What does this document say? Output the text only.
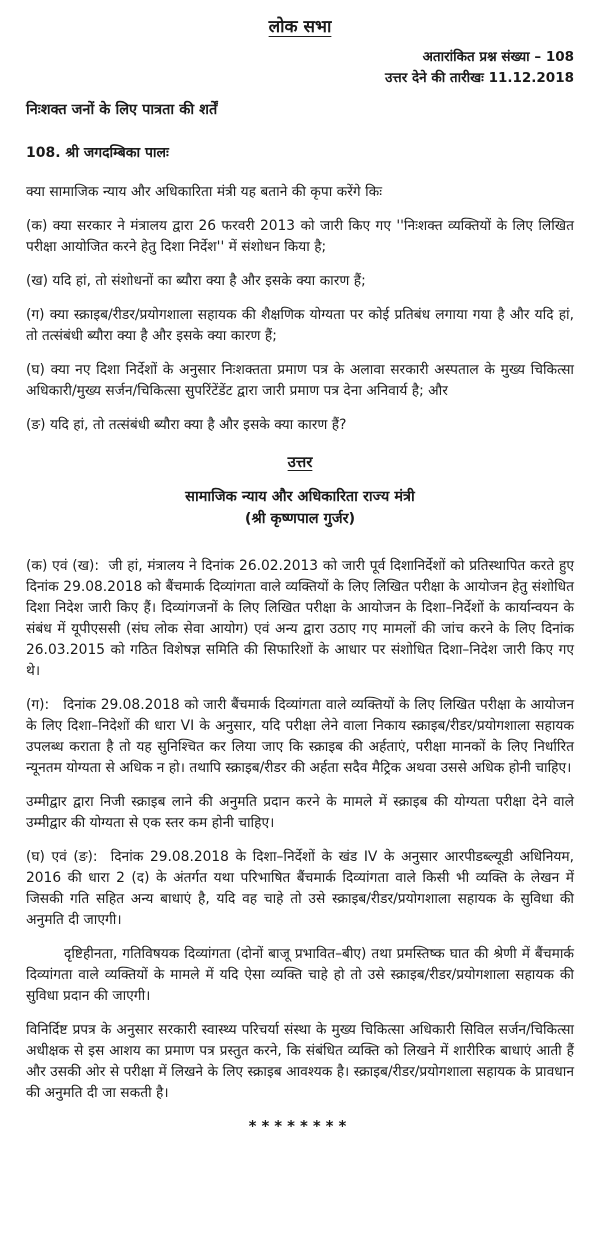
लोक सभा
अतारांकित प्रश्न संख्या – 108
उत्तर देने की तारीखः 11.12.2018
निःशक्त जनों के लिए पात्रता की शर्तें
108. श्री जगदम्बिका पालः

क्या सामाजिक न्याय और अधिकारिता मंत्री यह बताने की कृपा करेंगे किः

(क) क्या सरकार ने मंत्रालय द्वारा 26 फरवरी 2013 को जारी किए गए ''निःशक्त व्यक्तियों के लिए लिखित परीक्षा आयोजित करने हेतु दिशा निर्देश'' में संशोधन किया है;

(ख) यदि हां, तो संशोधनों का ब्यौरा क्या है और इसके क्या कारण हैं;

(ग) क्या स्क्राइब/रीडर/प्रयोगशाला सहायक की शैक्षणिक योग्यता पर कोई प्रतिबंध लगाया गया है और यदि हां, तो तत्संबंधी ब्यौरा क्या है और इसके क्या कारण हैं;

(घ) क्या नए दिशा निर्देशों के अनुसार निःशक्तता प्रमाण पत्र के अलावा सरकारी अस्पताल के मुख्य चिकित्सा अधिकारी/मुख्य सर्जन/चिकित्सा सुपरिंटेंडेंट द्वारा जारी प्रमाण पत्र देना अनिवार्य है; और

(ङ) यदि हां, तो तत्संबंधी ब्यौरा क्या है और इसके क्या कारण हैं?

उत्तर
सामाजिक न्याय और अधिकारिता राज्य मंत्री
(श्री कृष्णपाल गुर्जर)

(क) एवं (ख):  जी हां, मंत्रालय ने दिनांक 26.02.2013 को जारी पूर्व दिशानिर्देशों को प्रतिस्थापित करते हुए दिनांक 29.08.2018 को बैंचमार्क दिव्यांगता वाले व्यक्तियों के लिए लिखित परीक्षा के आयोजन हेतु संशोधित दिशा निदेश जारी किए हैं। दिव्यांगजनों के लिए लिखित परीक्षा के आयोजन के दिशा–निर्देशों के कार्यान्वयन के संबंध में यूपीएससी (संघ लोक सेवा आयोग) एवं अन्य द्वारा उठाए गए मामलों की जांच करने के लिए दिनांक 26.03.2015 को गठित विशेषज्ञ समिति की सिफारिशों के आधार पर संशोधित दिशा–निदेश जारी किए गए थे।

(ग):   दिनांक 29.08.2018 को जारी बैंचमार्क दिव्यांगता वाले व्यक्तियों के लिए लिखित परीक्षा के आयोजन के लिए दिशा–निदेशों की धारा VI के अनुसार, यदि परीक्षा लेने वाला निकाय स्क्राइब/रीडर/प्रयोगशाला सहायक उपलब्ध कराता है तो यह सुनिश्चित कर लिया जाए कि स्क्राइब की अर्हताएं, परीक्षा मानकों के लिए निर्धारित न्यूनतम योग्यता से अधिक न हो। तथापि स्क्राइब/रीडर की अर्हता सदैव मैट्रिक अथवा उससे अधिक होनी चाहिए।

उम्मीद्वार द्वारा निजी स्क्राइब लाने की अनुमति प्रदान करने के मामले में स्क्राइब की योग्यता परीक्षा देने वाले उम्मीद्वार की योग्यता से एक स्तर कम होनी चाहिए।

(घ) एवं (ङ):  दिनांक 29.08.2018 के दिशा–निर्देशों के खंड IV के अनुसार आरपीडब्ल्यूडी अधिनियम, 2016 की धारा 2 (द) के अंतर्गत यथा परिभाषित बैंचमार्क दिव्यांगता वाले किसी भी व्यक्ति के लेखन में जिसकी गति सहित अन्य बाधाएं है, यदि वह चाहे तो उसे स्क्राइब/रीडर/प्रयोगशाला सहायक के सुविधा की अनुमति दी जाएगी।

दृष्टिहीनता, गतिविषयक दिव्यांगता (दोनों बाजू प्रभावित–बीए) तथा प्रमस्तिष्क घात की श्रेणी में बैंचमार्क दिव्यांगता वाले व्यक्तियों के मामले में यदि ऐसा व्यक्ति चाहे हो तो उसे स्क्राइब/रीडर/प्रयोगशाला सहायक की सुविधा प्रदान की जाएगी।

विनिर्दिष्ट प्रपत्र के अनुसार सरकारी स्वास्थ्य परिचर्या संस्था के मुख्य चिकित्सा अधिकारी सिविल सर्जन/चिकित्सा अधीक्षक से इस आशय का प्रमाण पत्र प्रस्तुत करने, कि संबंधित व्यक्ति को लिखने में शारीरिक बाधाएं आती हैं और उसकी ओर से परीक्षा में लिखने के लिए स्क्राइब आवश्यक है। स्क्राइब/रीडर/प्रयोगशाला सहायक के प्रावधान की अनुमति दी जा सकती है।

********
